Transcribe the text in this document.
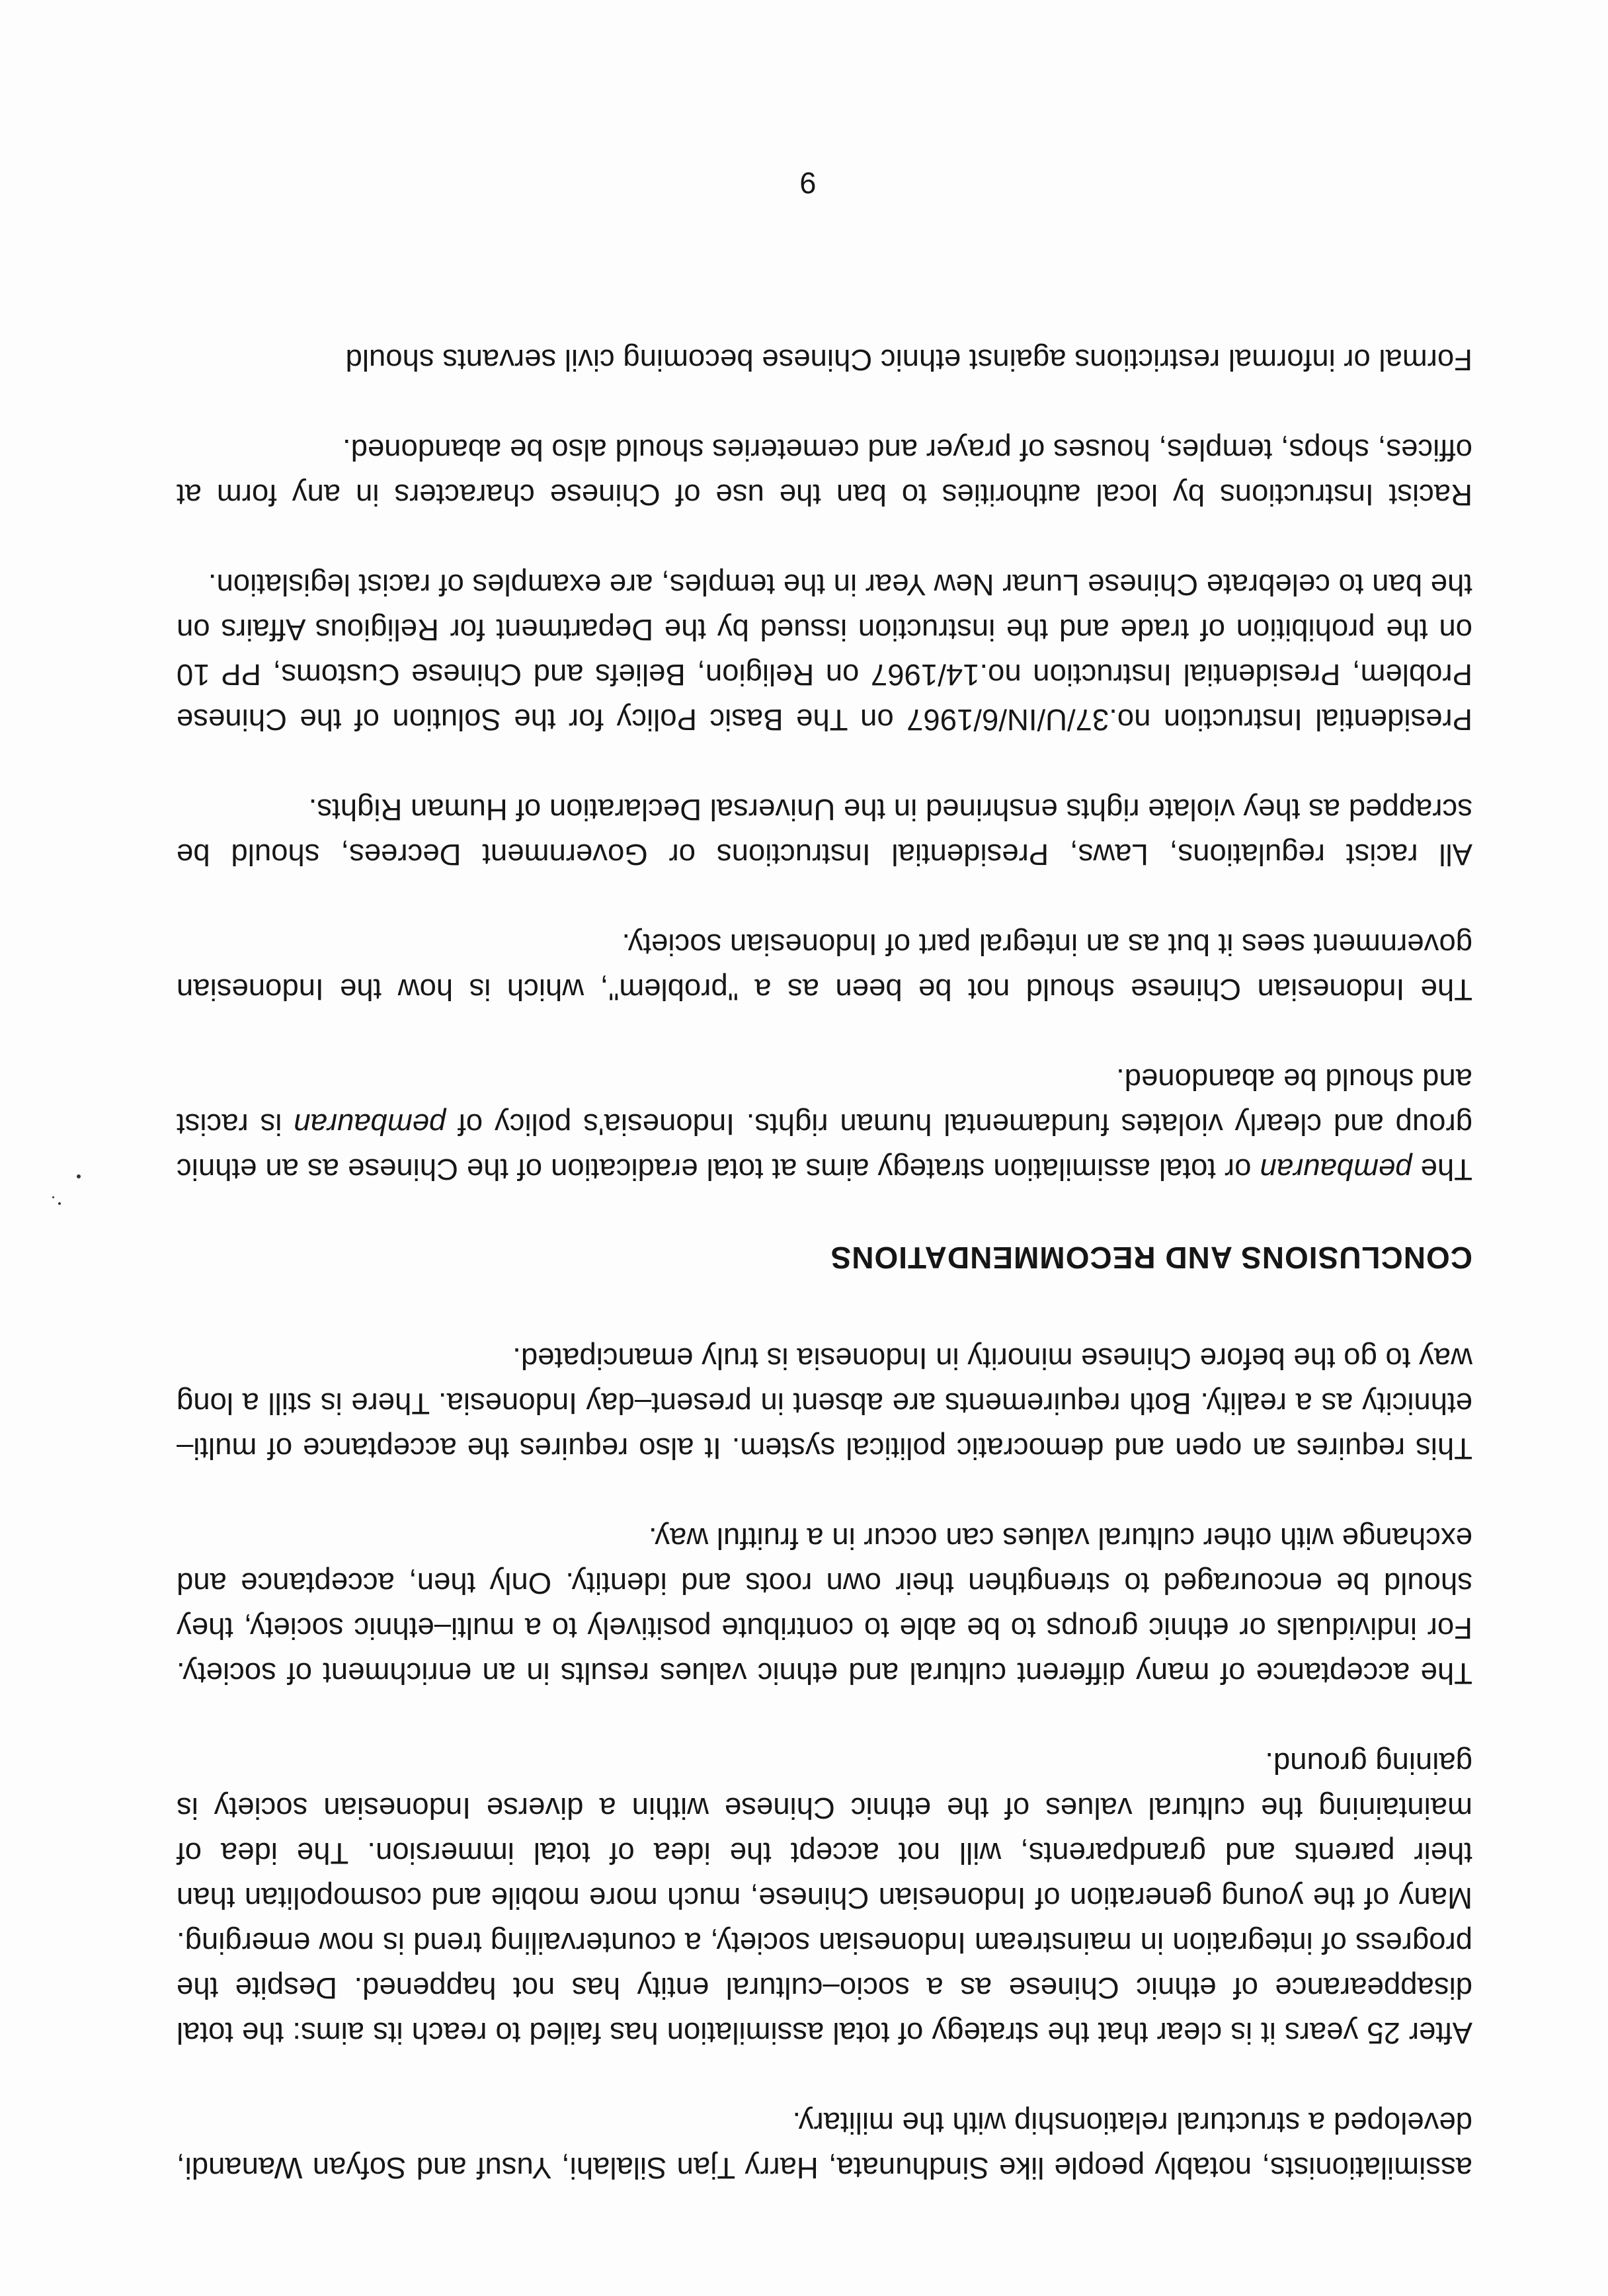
assimilationists, notably people like Sindhunata, Harry Tjan Silalahi, Yusuf and Sofyan Wanandi, developed a structural relationship with the military.

After 25 years it is clear that the strategy of total assimilation has failed to reach its aims: the total disappearance of ethnic Chinese as a socio–cultural entity has not happened. Despite the progress of integration in mainstream Indonesian society, a countervailing trend is now emerging. Many of the young generation of Indonesian Chinese, much more mobile and cosmopolitan than their parents and grandparents, will not accept the idea of total immersion. The idea of maintaining the cultural values of the ethnic Chinese within a diverse Indonesian society is gaining ground.

The acceptance of many different cultural and ethnic values results in an enrichment of society. For individuals or ethnic groups to be able to contribute positively to a multi–ethnic society, they should be encouraged to strengthen their own roots and identity. Only then, acceptance and exchange with other cultural values can occur in a fruitful way.

This requires an open and democratic political system. It also requires the acceptance of multi–ethnicity as a reality. Both requirements are absent in present–day Indonesia. There is still a long way to go the before Chinese minority in Indonesia is truly emancipated.

CONCLUSIONS AND RECOMMENDATIONS

The pembauran or total assimilation strategy aims at total eradication of the Chinese as an ethnic group and clearly violates fundamental human rights. Indonesia's policy of pembauran is racist and should be abandoned.

The Indonesian Chinese should not be been as a "problem", which is how the Indonesian government sees it but as an integral part of Indonesian society.

All racist regulations, Laws, Presidential Instructions or Government Decrees, should be scrapped as they violate rights enshrined in the Universal Declaration of Human Rights.

Presidential Instruction no.37/U/IN/6/1967 on The Basic Policy for the Solution of the Chinese Problem, Presidential Instruction no.14/1967 on Religion, Beliefs and Chinese Customs, PP 10 on the prohibition of trade and the instruction issued by the Department for Religious Affairs on the ban to celebrate Chinese Lunar New Year in the temples, are examples of racist legislation.

Racist Instructions by local authorities to ban the use of Chinese characters in any form at offices, shops, temples, houses of prayer and cemeteries should also be abandoned.

Formal or informal restrictions against ethnic Chinese becoming civil servants should

9
